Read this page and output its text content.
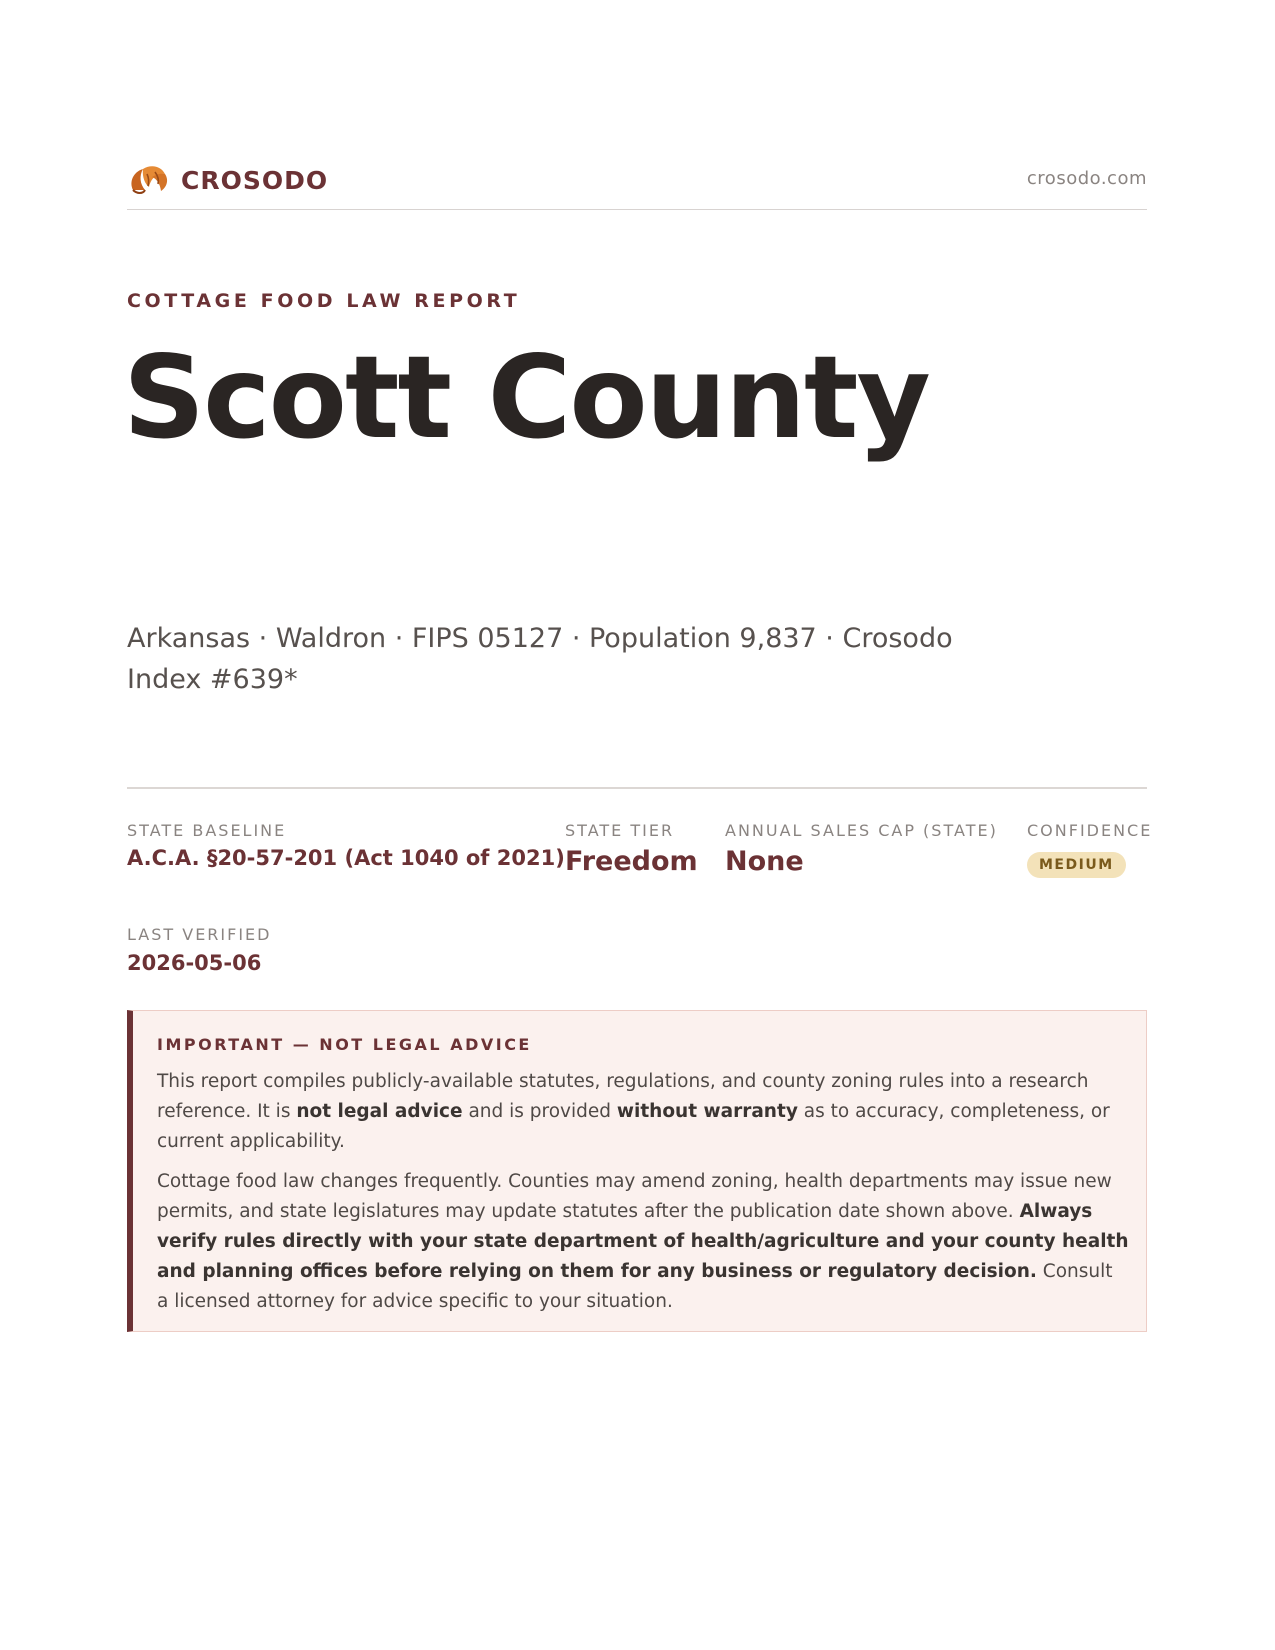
CROSODO	crosodo.com
COTTAGE FOOD LAW REPORT
Scott County
Arkansas · Waldron · FIPS 05127 · Population 9,837 · Crosodo Index #639*
STATE BASELINE
A.C.A. §20-57-201 (Act 1040 of 2021)
STATE TIER
Freedom
ANNUAL SALES CAP (STATE)
None
CONFIDENCE
MEDIUM
LAST VERIFIED
2026-05-06
IMPORTANT — NOT LEGAL ADVICE

This report compiles publicly-available statutes, regulations, and county zoning rules into a research reference. It is not legal advice and is provided without warranty as to accuracy, completeness, or current applicability.

Cottage food law changes frequently. Counties may amend zoning, health departments may issue new permits, and state legislatures may update statutes after the publication date shown above. Always verify rules directly with your state department of health/agriculture and your county health and planning offices before relying on them for any business or regulatory decision. Consult a licensed attorney for advice specific to your situation.
